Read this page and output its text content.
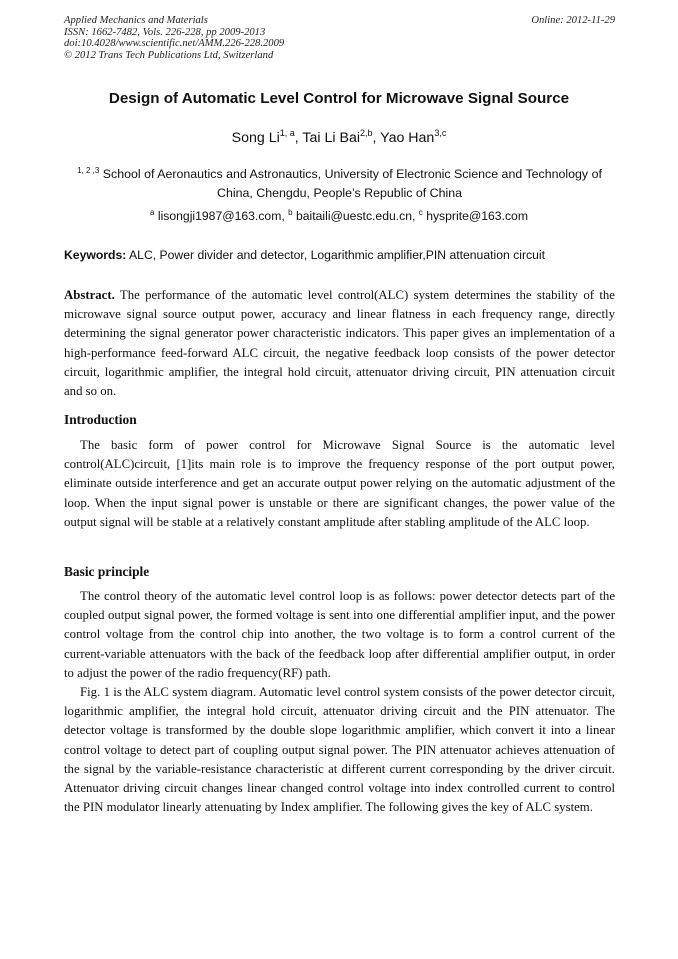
Applied Mechanics and Materials
ISSN: 1662-7482, Vols. 226-228, pp 2009-2013
doi:10.4028/www.scientific.net/AMM.226-228.2009
© 2012 Trans Tech Publications Ltd, Switzerland
Online: 2012-11-29
Design of Automatic Level Control for Microwave Signal Source
Song Li$^{1, a}$, Tai Li Bai$^{2,b}$, Yao Han$^{3,c}$
$^{1, 2 ,3}$ School of Aeronautics and Astronautics, University of Electronic Science and Technology of
China, Chengdu, People’s Republic of China
$^a$ lisongji1987@163.com, $^b$ baitaili@uestc.edu.cn, $^c$ hysprite@163.com
Keywords: ALC, Power divider and detector, Logarithmic amplifier,PIN attenuation circuit
Abstract. The performance of the automatic level control(ALC) system determines the stability of the microwave signal source output power, accuracy and linear flatness in each frequency range, directly determining the signal generator power characteristic indicators. This paper gives an implementation of a high-performance feed-forward ALC circuit, the negative feedback loop consists of the power detector circuit, logarithmic amplifier, the integral hold circuit, attenuator driving circuit, PIN attenuation circuit and so on.
Introduction
The basic form of power control for Microwave Signal Source is the automatic level control(ALC)circuit, [1]its main role is to improve the frequency response of the port output power, eliminate outside interference and get an accurate output power relying on the automatic adjustment of the loop. When the input signal power is unstable or there are significant changes, the power value of the output signal will be stable at a relatively constant amplitude after stabling amplitude of the ALC loop.
Basic principle
The control theory of the automatic level control loop is as follows: power detector detects part of the coupled output signal power, the formed voltage is sent into one differential amplifier input, and the power control voltage from the control chip into another, the two voltage is to form a control current of the current-variable attenuators with the back of the feedback loop after differential amplifier output, in order to adjust the power of the radio frequency(RF) path.
Fig. 1 is the ALC system diagram. Automatic level control system consists of the power detector circuit, logarithmic amplifier, the integral hold circuit, attenuator driving circuit and the PIN attenuator. The detector voltage is transformed by the double slope logarithmic amplifier, which convert it into a linear control voltage to detect part of coupling output signal power. The PIN attenuator achieves attenuation of the signal by the variable-resistance characteristic at different current corresponding by the driver circuit. Attenuator driving circuit changes linear changed control voltage into index controlled current to control the PIN modulator linearly attenuating by Index amplifier. The following gives the key of ALC system.
